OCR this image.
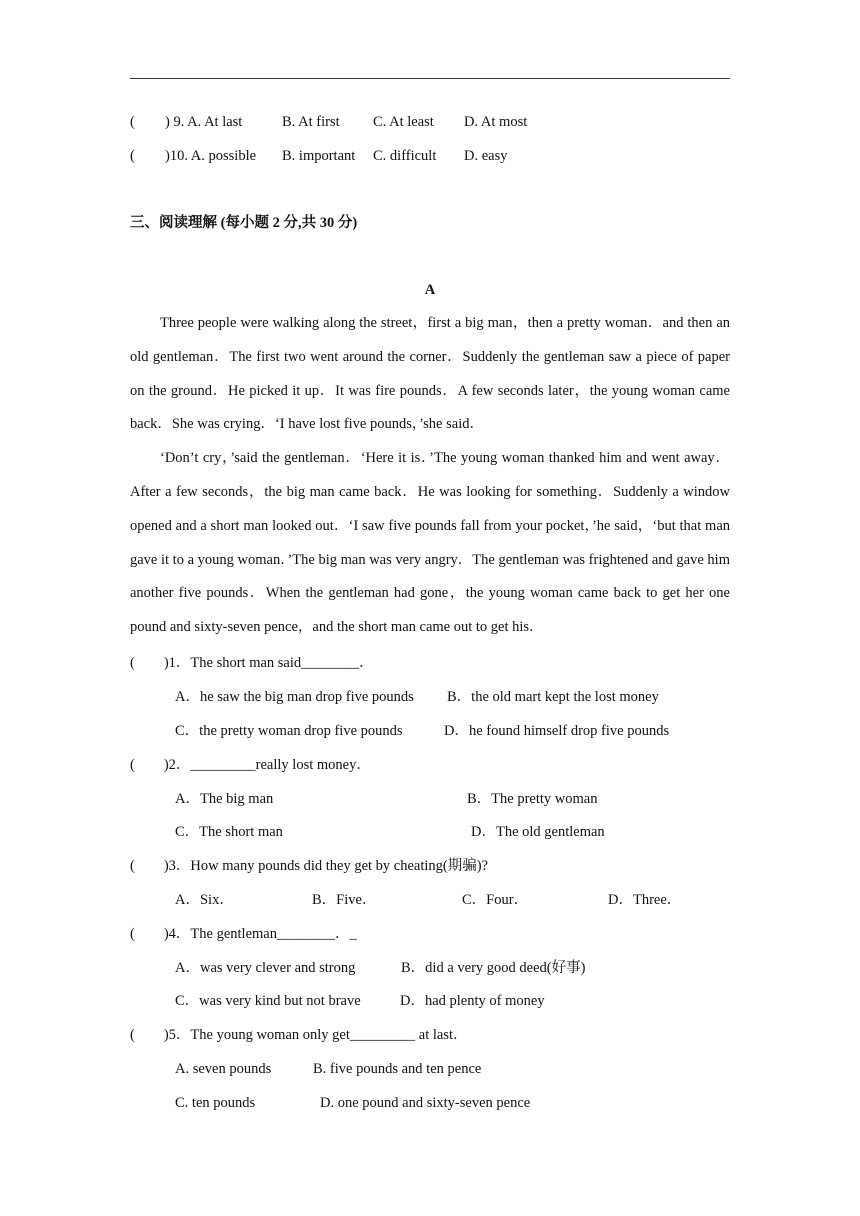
( ) 9. A. At last	B. At first C. At least D. At most
( )10. A. possible B. important C. difficult D. easy
三、阅读理解 (每小题 2 分,共 30 分)
A

Three people were walking along the street，first a big man，then a pretty woman．and then an old gentleman．The first two went around the corner．Suddenly the gentleman saw a piece of paper on the ground．He picked it up．It was fire pounds．A few seconds later，the young woman came back．She was crying．‘I have lost five pounds，’she said．

‘Don’t cry，’said the gentleman．‘Here it is．’The young woman thanked him and went away．After a few seconds，the big man came back．He was looking for something．Suddenly a window opened and a short man looked out．‘I saw five pounds fall from your pocket，’he said，‘but that man gave it to a young woman．’The big man was very angry．The gentleman was frightened and gave him another five pounds．When the gentleman had gone，the young woman came back to get her one pound and sixty-seven pence，and the short man came out to get his．

(        )1．The short man said________．
A．he saw the big man drop five pounds B．the old mart kept the lost money
C．the pretty woman drop five pounds	D．he found himself drop five pounds
(        )2．_________really lost money．
A．The big man	B．The pretty woman
C．The short man	D．The old gentleman
(        )3．How many pounds did they get by cheating(期骗)?
A．Six．	B．Five．	C．Four．	D．Three．
(        )4．The gentleman________．_
A．was very clever and strong	B．did a very good deed(好事)
C．was very kind but not brave	D．had plenty of money
(        )5．The young woman only get_________ at last．
A. seven pounds	B. five pounds and ten pence
C. ten pounds	D. one pound and sixty-seven pence
